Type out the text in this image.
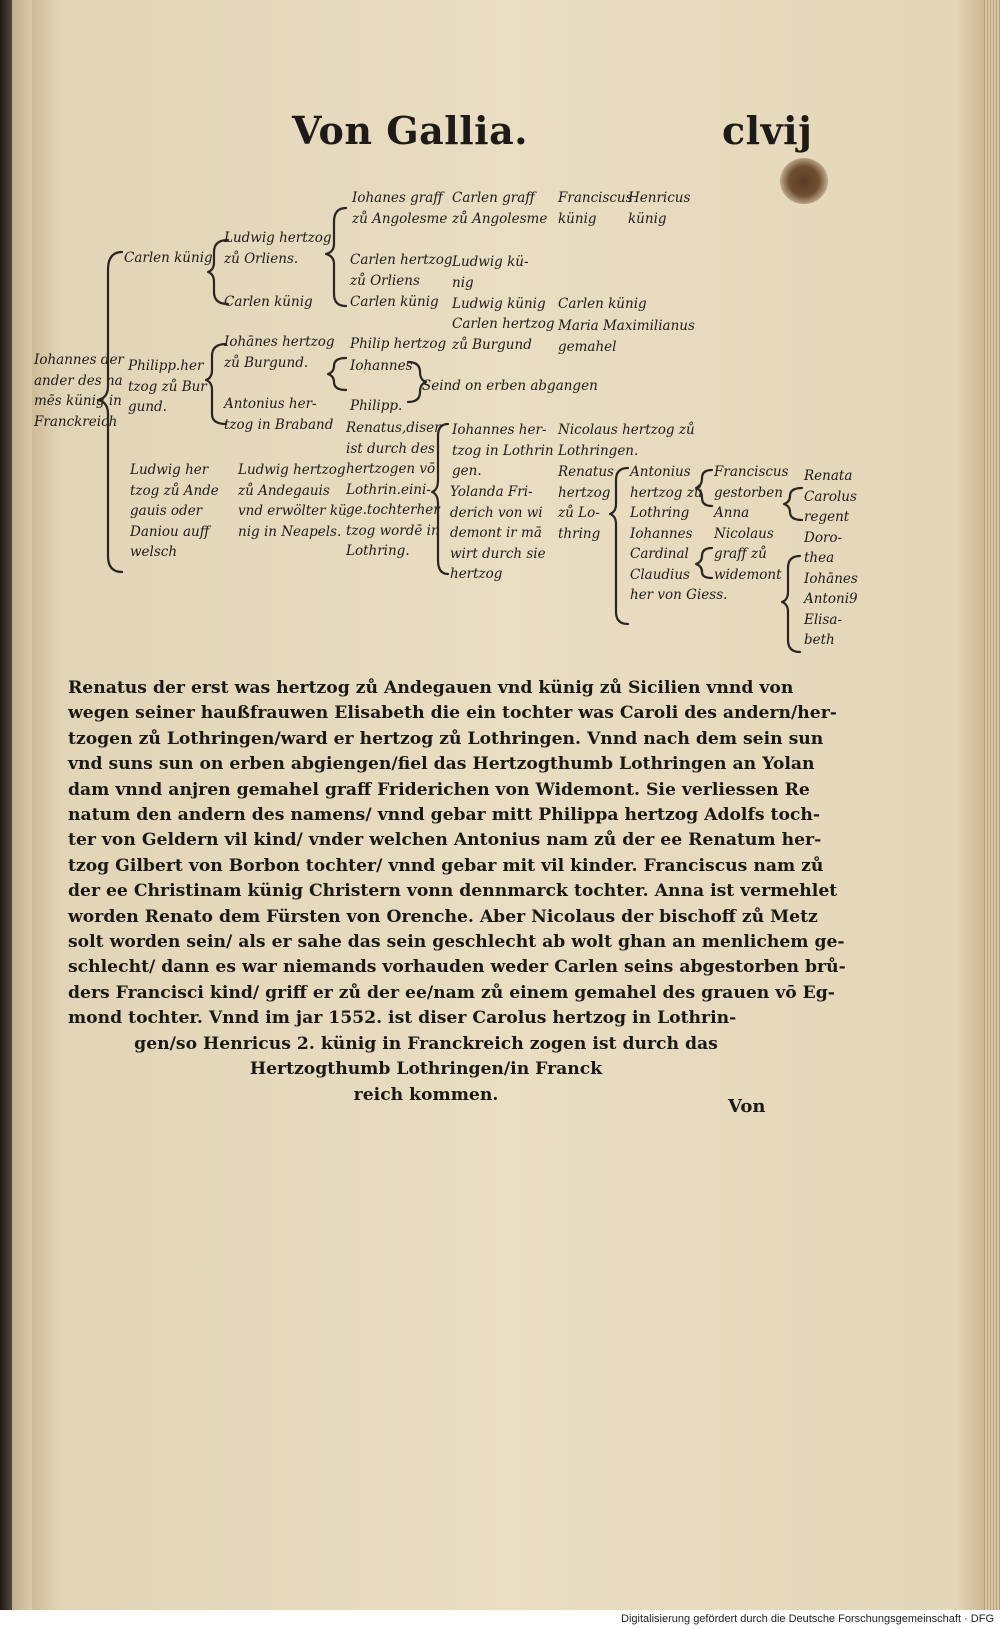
Von Gallia.	clvij
Iohannes der
ander des na
mēs künig in
Franckreich
Carlen künig
Philipp.her
tzog zů Bur
gund.
Ludwig her
tzog zů Ande
gauis oder
Daniou auff
welsch
Ludwig hertzog
zů Orliens.
Carlen künig
Iohānes hertzog
zů Burgund.
Antonius her-
tzog in Braband
Ludwig hertzog
zů Andegauis
vnd erwölter kü
nig in Neapels.
Iohanes graff
zů Angolesme
Carlen hertzog
zů Orliens
Carlen künig
Philip hertzog
Iohannes
Philipp.
Renatus,diser
ist durch des
hertzogen vō
Lothrin.eini-
ge.tochterher
tzog wordē in
Lothring.
Carlen graff
zů Angolesme
Ludwig kü-
nig
Ludwig künig
Carlen hertzog
zů Burgund
Seind on erben abgangen
Iohannes her-
tzog in Lothrin
gen.
Yolanda Fri-
derich von wi
demont ir mā
wirt durch sie
hertzog
Franciscus
künig
Carlen künig
Maria Maximilianus
gemahel
Nicolaus hertzog zů
Lothringen.
Renatus
hertzog
zů Lo-
thring
Henricus
künig
Antonius
hertzog zů
Lothring
Iohannes
Cardinal
Claudius
her von Giess.
Franciscus
gestorben
Anna
Nicolaus
graff zů
widemont
Renata
Carolus
regent
Doro-
thea
Iohānes
Antoni9
Elisa-
beth
Renatus der erst was hertzog zů Andegauen vnd künig zů Sicilien vnnd von
wegen seiner haußfrauwen Elisabeth die ein tochter was Caroli des andern/her-
tzogen zů Lothringen/ward er hertzog zů Lothringen. Vnnd nach dem sein sun
vnd suns sun on erben abgiengen/fiel das Hertzogthumb Lothringen an Yolan
dam vnnd anjren gemahel graff Friderichen von Widemont. Sie verliessen Re
natum den andern des namens/ vnnd gebar mitt Philippa hertzog Adolfs toch-
ter von Geldern vil kind/ vnder welchen Antonius nam zů der ee Renatum her-
tzog Gilbert von Borbon tochter/ vnnd gebar mit vil kinder. Franciscus nam zů
der ee Christinam künig Christern vonn dennmarck tochter. Anna ist vermehlet
worden Renato dem Fürsten von Orenche. Aber Nicolaus der bischoff zů Metz
solt worden sein/ als er sahe das sein geschlecht ab wolt ghan an menlichem ge-
schlecht/ dann es war niemands vorhauden weder Carlen seins abgestorben brů-
ders Francisci kind/ griff er zů der ee/nam zů einem gemahel des grauen vō Eg-
mond tochter. Vnnd im jar 1552. ist diser Carolus hertzog in Lothrin-
gen/so Henricus 2. künig in Franckreich zogen ist durch das
Hertzogthumb Lothringen/in Franck
reich kommen.
Von
Digitalisierung gefördert durch die Deutsche Forschungsgemeinschaft · DFG
